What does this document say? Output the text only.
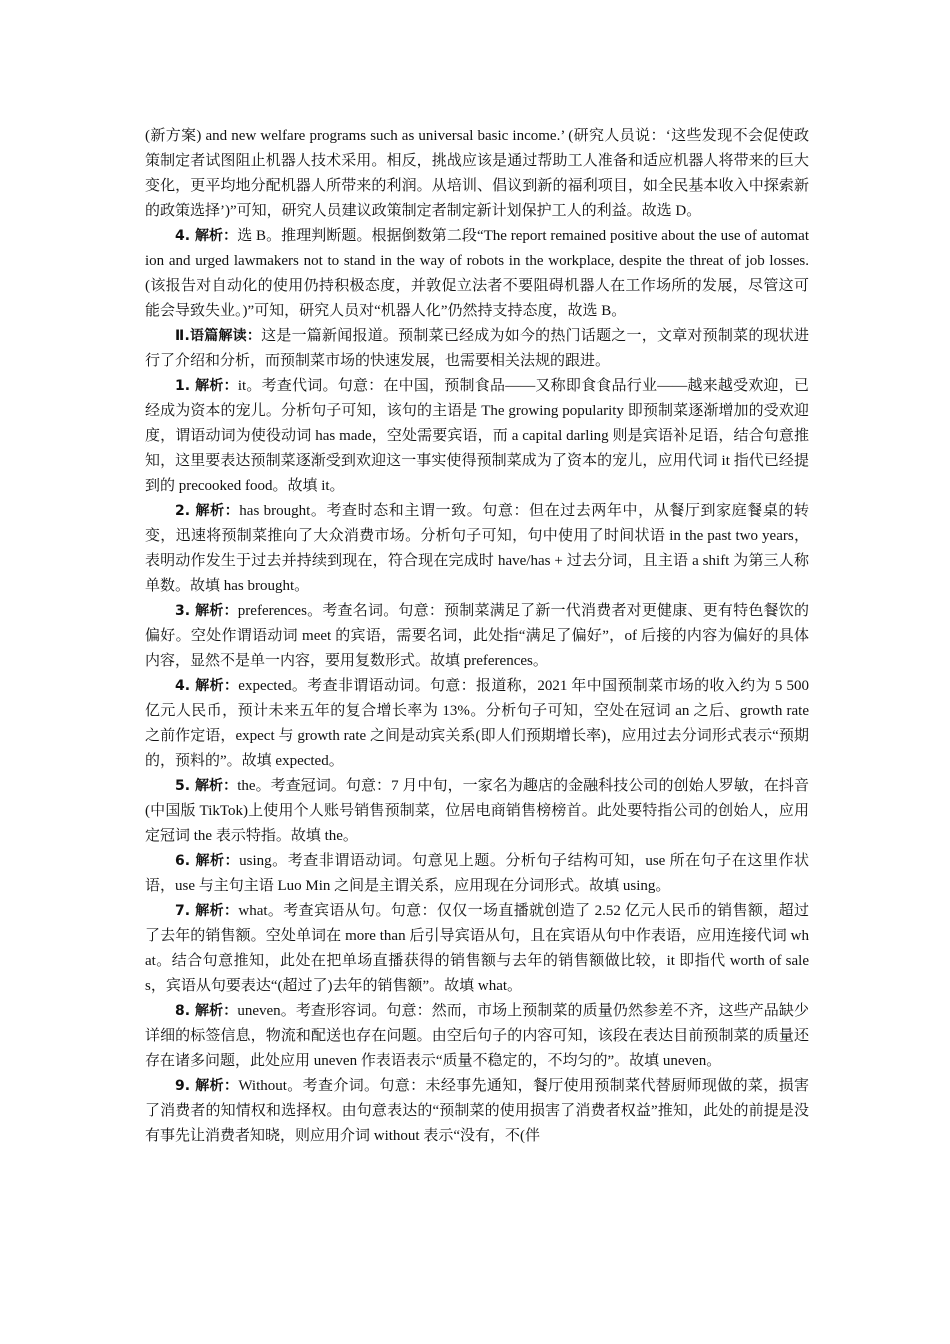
(新方案) and new welfare programs such as universal basic income.’ (研究人员说：‘这些发现不会促使政策制定者试图阻止机器人技术采用。相反，挑战应该是通过帮助工人准备和适应机器人将带来的巨大变化，更平均地分配机器人所带来的利润。从培训、倡议到新的福利项目，如全民基本收入中探索新的政策选择’)”可知，研究人员建议政策制定者制定新计划保护工人的利益。故选 D。

4. 解析：选 B。推理判断题。根据倒数第二段“The report remained positive about the use of automation and urged lawmakers not to stand in the way of robots in the workplace, despite the threat of job losses.(该报告对自动化的使用仍持积极态度，并敦促立法者不要阻碍机器人在工作场所的发展，尽管这可能会导致失业。)”可知，研究人员对“机器人化”仍然持支持态度，故选 B。

Ⅱ.语篇解读：这是一篇新闻报道。预制菜已经成为如今的热门话题之一，文章对预制菜的现状进行了介绍和分析，而预制菜市场的快速发展，也需要相关法规的跟进。

1. 解析：it。考查代词。句意：在中国，预制食品——又称即食食品行业——越来越受欢迎，已经成为资本的宠儿。分析句子可知，该句的主语是 The growing popularity 即预制菜逐渐增加的受欢迎度，谓语动词为使役动词 has made，空处需要宾语，而 a capital darling 则是宾语补足语，结合句意推知，这里要表达预制菜逐渐受到欢迎这一事实使得预制菜成为了资本的宠儿，应用代词 it 指代已经提到的 precooked food。故填 it。

2. 解析：has brought。考查时态和主谓一致。句意：但在过去两年中，从餐厅到家庭餐桌的转变，迅速将预制菜推向了大众消费市场。分析句子可知，句中使用了时间状语 in the past two years，表明动作发生于过去并持续到现在，符合现在完成时 have/has + 过去分词，且主语 a shift 为第三人称单数。故填 has brought。

3. 解析：preferences。考查名词。句意：预制菜满足了新一代消费者对更健康、更有特色餐饮的偏好。空处作谓语动词 meet 的宾语，需要名词，此处指“满足了偏好”，of 后接的内容为偏好的具体内容，显然不是单一内容，要用复数形式。故填 preferences。

4. 解析：expected。考查非谓语动词。句意：报道称，2021 年中国预制菜市场的收入约为 5 500 亿元人民币，预计未来五年的复合增长率为 13%。分析句子可知，空处在冠词 an 之后、growth rate 之前作定语，expect 与 growth rate 之间是动宾关系(即人们预期增长率)，应用过去分词形式表示“预期的，预料的”。故填 expected。

5. 解析：the。考查冠词。句意：7 月中旬，一家名为趣店的金融科技公司的创始人罗敏，在抖音(中国版 TikTok)上使用个人账号销售预制菜，位居电商销售榜榜首。此处要特指公司的创始人，应用定冠词 the 表示特指。故填 the。

6. 解析：using。考查非谓语动词。句意见上题。分析句子结构可知，use 所在句子在这里作状语，use 与主句主语 Luo Min 之间是主谓关系，应用现在分词形式。故填 using。

7. 解析：what。考查宾语从句。句意：仅仅一场直播就创造了 2.52 亿元人民币的销售额，超过了去年的销售额。空处单词在 more than 后引导宾语从句，且在宾语从句中作表语，应用连接代词 what。结合句意推知，此处在把单场直播获得的销售额与去年的销售额做比较，it 即指代 worth of sales，宾语从句要表达“(超过了)去年的销售额”。故填 what。

8. 解析：uneven。考查形容词。句意：然而，市场上预制菜的质量仍然参差不齐，这些产品缺少详细的标签信息，物流和配送也存在问题。由空后句子的内容可知，该段在表达目前预制菜的质量还存在诸多问题，此处应用 uneven 作表语表示“质量不稳定的，不均匀的”。故填 uneven。

9. 解析：Without。考查介词。句意：未经事先通知，餐厅使用预制菜代替厨师现做的菜，损害了消费者的知情权和选择权。由句意表达的“预制菜的使用损害了消费者权益”推知，此处的前提是没有事先让消费者知晓，则应用介词 without 表示“没有，不(伴
